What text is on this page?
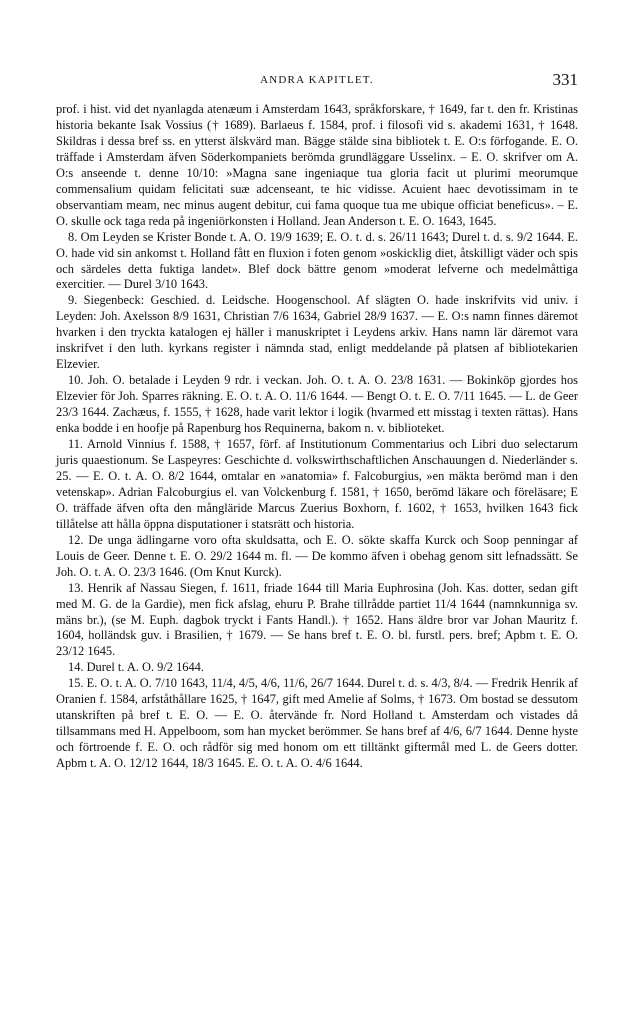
ANDRA KAPITLET.	331

prof. i hist. vid det nyanlagda atenæum i Amsterdam 1643, språkforskare, † 1649, far t. den fr. Kristinas historia bekante Isak Vossius († 1689). Barlaeus f. 1584, prof. i filosofi vid s. akademi 1631, † 1648. Skildras i dessa bref ss. en ytterst älskvärd man. Bägge stälde sina bibliotek t. E. O:s förfogande. E. O. träffade i Amsterdam äfven Söderkompaniets berömda grundläggare Usselinx. – E. O. skrifver om A. O:s anseende t. denne 10/10: »Magna sane ingeniaque tua gloria facit ut plurimi meorumque commensalium quidam felicitati suæ adcenseant, te hic vidisse. Acuient haec devotissimam in te observantiam meam, nec minus augent debitur, cui fama quoque tua me ubique officiat beneficus». – E. O. skulle ock taga reda på ingeniörkonsten i Holland. Jean Anderson t. E. O. 1643, 1645.

8. Om Leyden se Krister Bonde t. A. O. 19/9 1639; E. O. t. d. s. 26/11 1643; Durel t. d. s. 9/2 1644. E. O. hade vid sin ankomst t. Holland fått en fluxion i foten genom »oskicklig diet, åtskilligt väder och spis och särdeles detta fuktiga landet». Blef dock bättre genom »moderat lefverne och medelmåttiga exercitier. — Durel 3/10 1643.

9. Siegenbeck: Geschied. d. Leidsche. Hoogenschool. Af slägten O. hade inskrifvits vid univ. i Leyden: Joh. Axelsson 8/9 1631, Christian 7/6 1634, Gabriel 28/9 1637. — E. O:s namn finnes däremot hvarken i den tryckta katalogen ej häller i manuskriptet i Leydens arkiv. Hans namn lär däremot vara inskrifvet i den luth. kyrkans register i nämnda stad, enligt meddelande på platsen af bibliotekarien Elzevier.

10. Joh. O. betalade i Leyden 9 rdr. i veckan. Joh. O. t. A. O. 23/8 1631. — Bokinköp gjordes hos Elzevier för Joh. Sparres räkning. E. O. t. A. O. 11/6 1644. — Bengt O. t. E. O. 7/11 1645. — L. de Geer 23/3 1644. Zachæus, f. 1555, † 1628, hade varit lektor i logik (hvarmed ett misstag i texten rättas). Hans enka bodde i en hoofje på Rapenburg hos Requinerna, bakom n. v. biblioteket.

11. Arnold Vinnius f. 1588, † 1657, förf. af Institutionum Commentarius och Libri duo selectarum juris quaestionum. Se Laspeyres: Geschichte d. volkswirthschaftlichen Anschauungen d. Niederländer s. 25. — E. O. t. A. O. 8/2 1644, omtalar en »anatomia» f. Falcoburgius, »en mäkta berömd man i den vetenskap». Adrian Falcoburgius el. van Volckenburg f. 1581, † 1650, berömd läkare och föreläsare; E O. träffade äfven ofta den mångläride Marcus Zuerius Boxhorn, f. 1602, † 1653, hvilken 1643 fick tillåtelse att hålla öppna disputationer i statsrätt och historia.

12. De unga ädlingarne voro ofta skuldsatta, och E. O. sökte skaffa Kurck och Soop penningar af Louis de Geer. Denne t. E. O. 29/2 1644 m. fl. — De kommo äfven i obehag genom sitt lefnadssätt. Se Joh. O. t. A. O. 23/3 1646. (Om Knut Kurck).

13. Henrik af Nassau Siegen, f. 1611, friade 1644 till Maria Euphrosina (Joh. Kas. dotter, sedan gift med M. G. de la Gardie), men fick afslag, ehuru P. Brahe tillrådde partiet 11/4 1644 (namnkunniga sv. mäns br.), (se M. Euph. dagbok tryckt i Fants Handl.). † 1652. Hans äldre bror var Johan Mauritz f. 1604, holländsk guv. i Brasilien, † 1679. — Se hans bref t. E. O. bl. furstl. pers. bref; Apbm t. E. O. 23/12 1645.

14. Durel t. A. O. 9/2 1644.

15. E. O. t. A. O. 7/10 1643, 11/4, 4/5, 4/6, 11/6, 26/7 1644. Durel t. d. s. 4/3, 8/4. — Fredrik Henrik af Oranien f. 1584, arfståthållare 1625, † 1647, gift med Amelie af Solms, † 1673. Om bostad se dessutom utanskriften på bref t. E. O. — E. O. återvände fr. Nord Holland t. Amsterdam och vistades då tillsammans med H. Appelboom, som han mycket berömmer. Se hans bref af 4/6, 6/7 1644. Denne hyste och förtroende f. E. O. och rådför sig med honom om ett tilltänkt giftermål med L. de Geers dotter. Apbm t. A. O. 12/12 1644, 18/3 1645. E. O. t. A. O. 4/6 1644.
